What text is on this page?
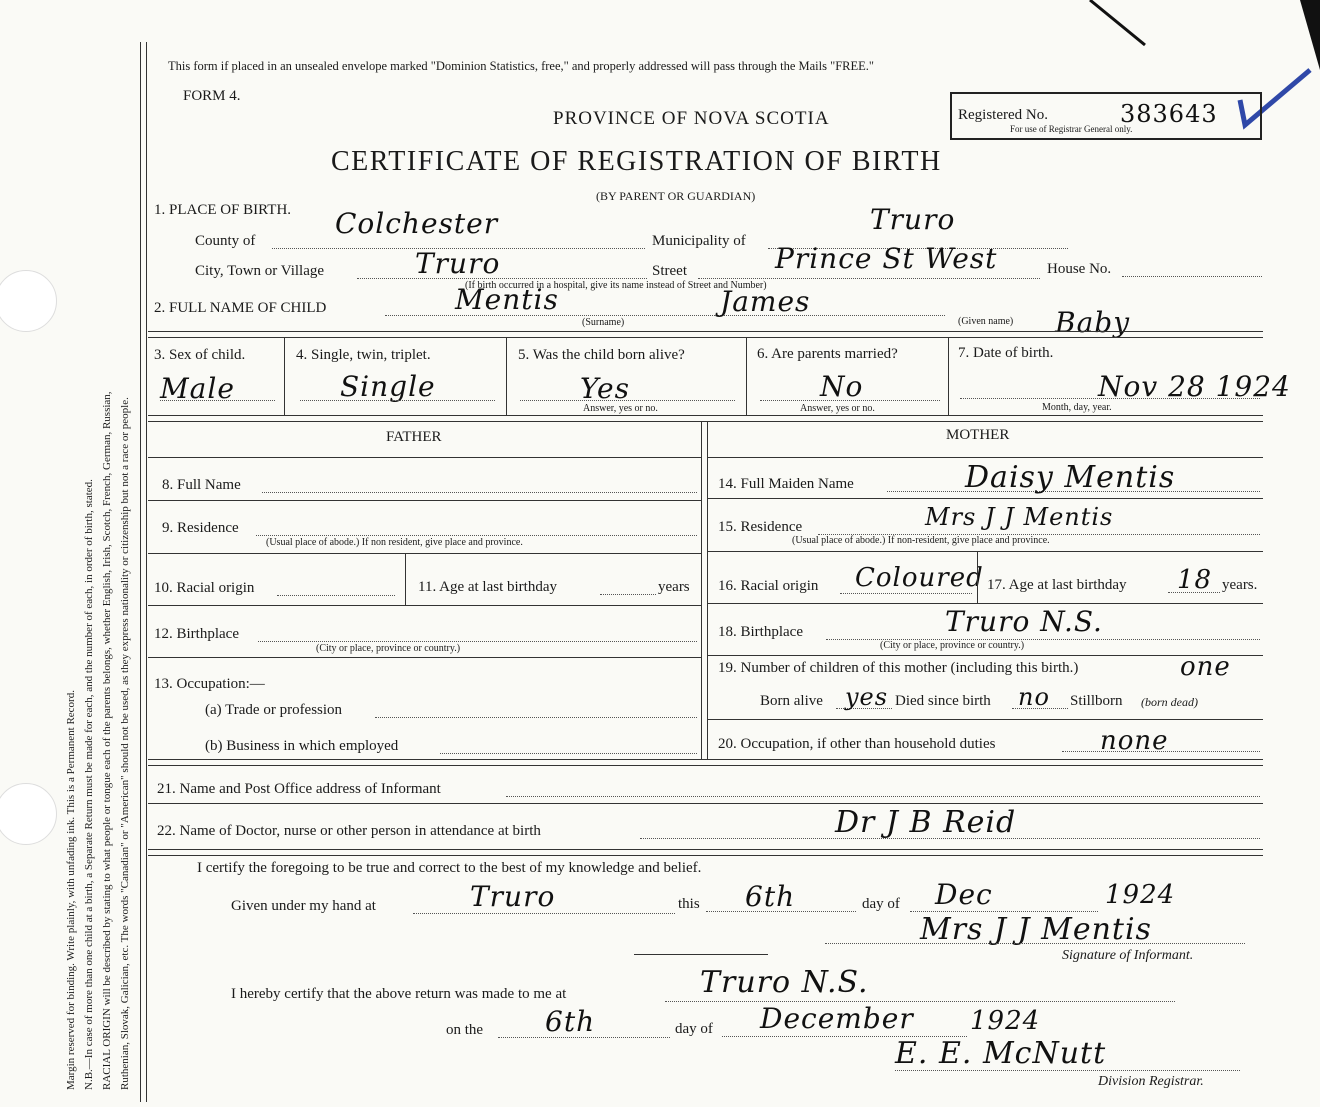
Margin reserved for binding. Write plainly, with unfading ink. This is a Permanent Record. N.B.—In case of more than one child at a birth, a Separate Return must be made for each, and the number of each, in order of birth, stated. RACIAL ORIGIN will be described by stating to what people or tongue each of the parents belongs, whether English, Irish, Scotch, French, German, Russian, Ruthenian, Slovak, Galician, etc. The words "Canadian" or "American" should not be used, as they express nationality or citizenship but not a race or people.
This form if placed in an unsealed envelope marked "Dominion Statistics, free," and properly addressed will pass through the Mails "FREE."
FORM 4.
PROVINCE OF NOVA SCOTIA
CERTIFICATE OF REGISTRATION OF BIRTH
(BY PARENT OR GUARDIAN)
Registered No.	383643
For use of Registrar General only.
1. PLACE OF BIRTH.
County of
Colchester
Municipality of
Truro
City, Town or Village	Truro	Street	Prince St West	House No.
(If birth occurred in a hospital, give its name instead of Street and Number)
2. FULL NAME OF CHILD	Mentis
(Surname)
James
(Given name) Baby
3. Sex of child.
Male
4. Single, twin, triplet.
Single
5. Was the child born alive?
Yes
Answer, yes or no.
6. Are parents married?
No
Answer, yes or no.
7. Date of birth.
Nov 28 1924
Month, day, year.
FATHER
8. Full Name
9. Residence
(Usual place of abode.) If non resident, give place and province.
10. Racial origin	11. Age at last birthday	years
12. Birthplace
(City or place, province or country.)
13. Occupation:—
(a) Trade or profession
(b) Business in which employed
MOTHER
14. Full Maiden Name	Daisy Mentis
15. Residence	Mrs J J Mentis
(Usual place of abode.) If non-resident, give place and province.
16. Racial origin Coloured 17. Age at last birthday 18 years.
18. Birthplace	Truro N.S.
(City or place, province or country.)
19. Number of children of this mother (including this birth.)	one
Born alive yes Died since birth no Stillborn (born dead)
20. Occupation, if other than household duties	none
21. Name and Post Office address of Informant
22. Name of Doctor, nurse or other person in attendance at birth	Dr J B Reid
I certify the foregoing to be true and correct to the best of my knowledge and belief.
Given under my hand at	Truro	this 6th	day of Dec	1924
Mrs J J Mentis
Signature of Informant.
I hereby certify that the above return was made to me at	Truro N.S.
on the 6th	day of December 1924
E. E. McNutt
Division Registrar.
